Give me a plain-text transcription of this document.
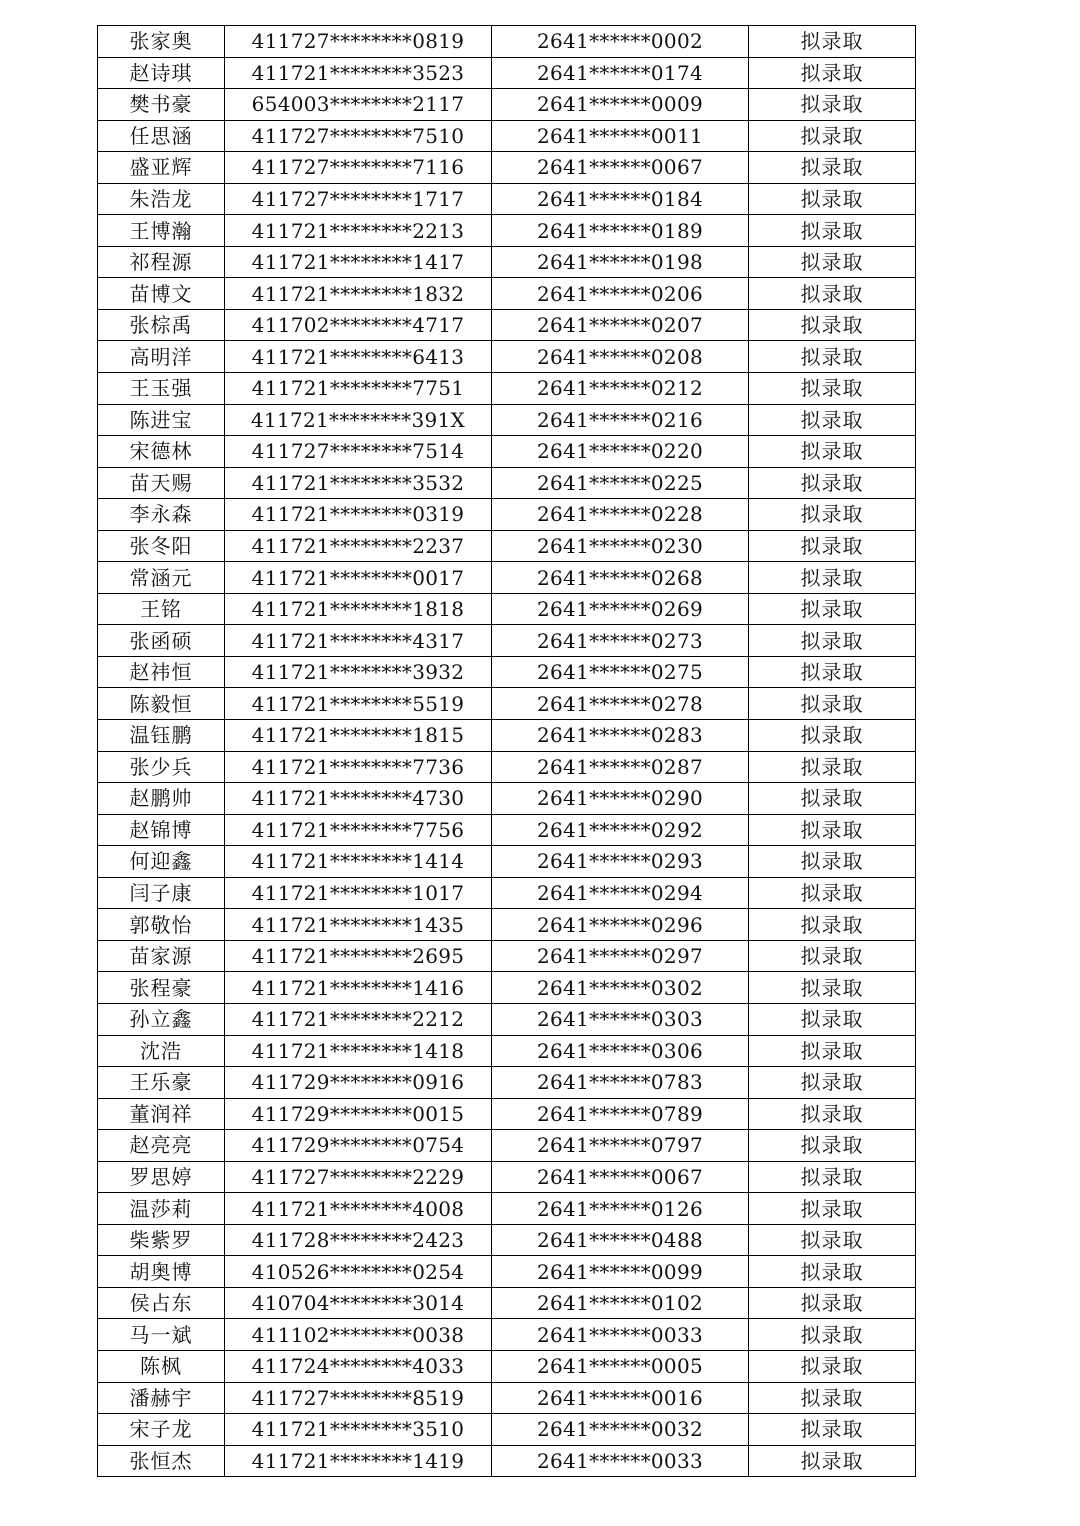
张家奥	411727********0819	2641******0002	拟录取
赵诗琪	411721********3523	2641******0174	拟录取
樊书豪	654003********2117	2641******0009	拟录取
任思涵	411727********7510	2641******0011	拟录取
盛亚辉	411727********7116	2641******0067	拟录取
朱浩龙	411727********1717	2641******0184	拟录取
王博瀚	411721********2213	2641******0189	拟录取
祁程源	411721********1417	2641******0198	拟录取
苗博文	411721********1832	2641******0206	拟录取
张棕禹	411702********4717	2641******0207	拟录取
高明洋	411721********6413	2641******0208	拟录取
王玉强	411721********7751	2641******0212	拟录取
陈进宝	411721********391X	2641******0216	拟录取
宋德林	411727********7514	2641******0220	拟录取
苗天赐	411721********3532	2641******0225	拟录取
李永森	411721********0319	2641******0228	拟录取
张冬阳	411721********2237	2641******0230	拟录取
常涵元	411721********0017	2641******0268	拟录取
王铭	411721********1818	2641******0269	拟录取
张函硕	411721********4317	2641******0273	拟录取
赵祎恒	411721********3932	2641******0275	拟录取
陈毅恒	411721********5519	2641******0278	拟录取
温钰鹏	411721********1815	2641******0283	拟录取
张少兵	411721********7736	2641******0287	拟录取
赵鹏帅	411721********4730	2641******0290	拟录取
赵锦博	411721********7756	2641******0292	拟录取
何迎鑫	411721********1414	2641******0293	拟录取
闫子康	411721********1017	2641******0294	拟录取
郭敬怡	411721********1435	2641******0296	拟录取
苗家源	411721********2695	2641******0297	拟录取
张程豪	411721********1416	2641******0302	拟录取
孙立鑫	411721********2212	2641******0303	拟录取
沈浩	411721********1418	2641******0306	拟录取
王乐豪	411729********0916	2641******0783	拟录取
董润祥	411729********0015	2641******0789	拟录取
赵亮亮	411729********0754	2641******0797	拟录取
罗思婷	411727********2229	2641******0067	拟录取
温莎莉	411721********4008	2641******0126	拟录取
柴紫罗	411728********2423	2641******0488	拟录取
胡奥博	410526********0254	2641******0099	拟录取
侯占东	410704********3014	2641******0102	拟录取
马一斌	411102********0038	2641******0033	拟录取
陈枫	411724********4033	2641******0005	拟录取
潘赫宇	411727********8519	2641******0016	拟录取
宋子龙	411721********3510	2641******0032	拟录取
张恒杰	411721********1419	2641******0033	拟录取
